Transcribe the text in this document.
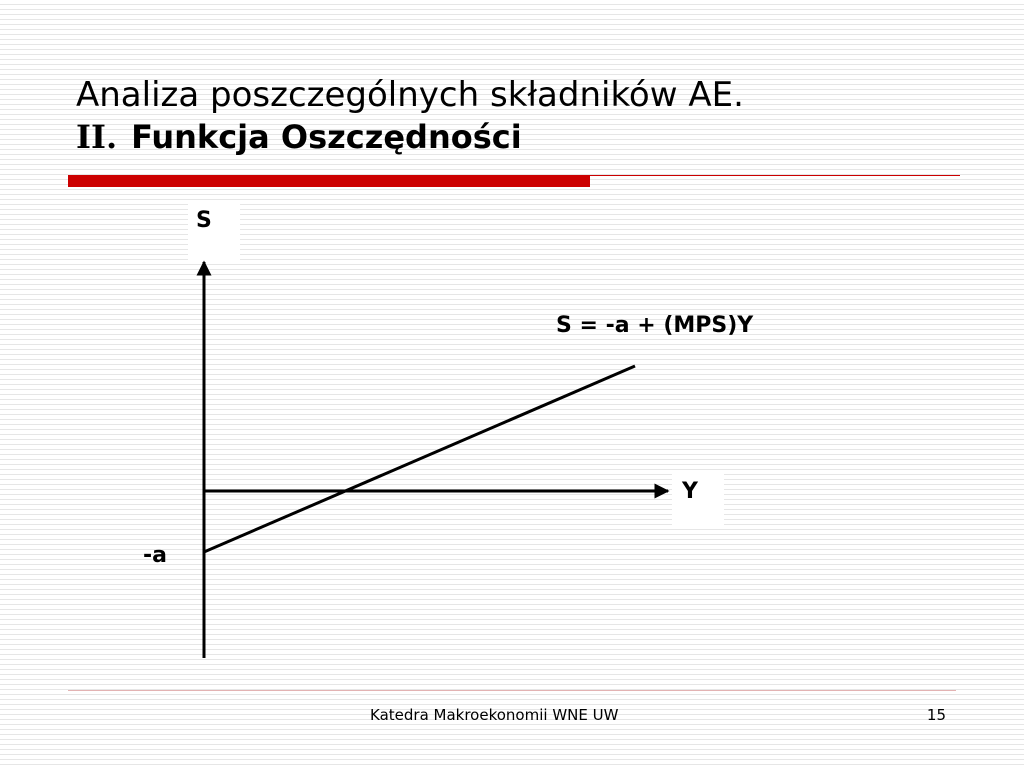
Analiza poszczególnych składników AE.
II. Funkcja Oszczędności
S
Y
S = -a + (MPS)Y
-a
Katedra Makroekonomii WNE UW	15
